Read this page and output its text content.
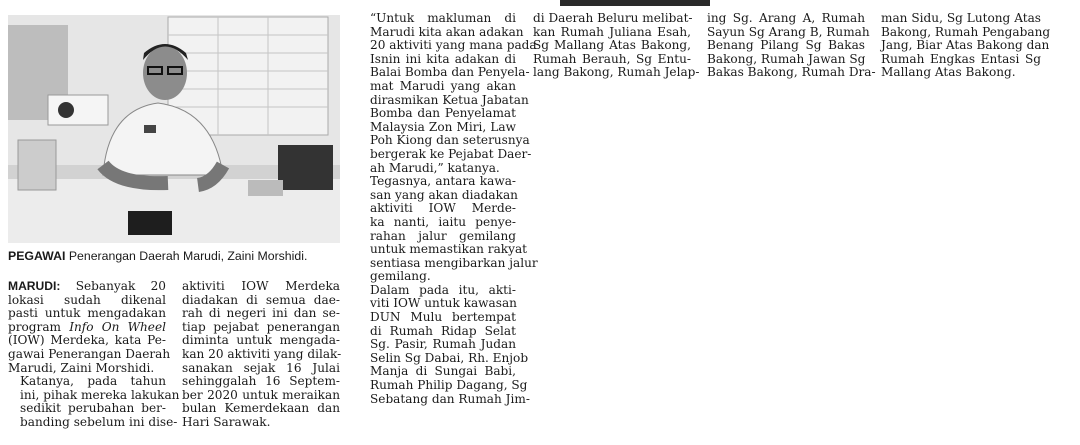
PEGAWAI Penerangan Daerah Marudi, Zaini Morshidi.

MARUDI: Sebanyak 20
lokasi sudah dikenal
pasti untuk mengadakan
program Info On Wheel
(IOW) Merdeka, kata Pe-
gawai Penerangan Daerah
Marudi, Zaini Morshidi.

Katanya, pada tahun
ini, pihak mereka lakukan
sedikit perubahan ber-
banding sebelum ini dise-

aktiviti IOW Merdeka
diadakan di semua dae-
rah di negeri ini dan se-
tiap pejabat penerangan
diminta untuk mengada-
kan 20 aktiviti yang dilak-
sanakan sejak 16 Julai
sehinggalah 16 Septem-
ber 2020 untuk meraikan
bulan Kemerdekaan dan
Hari Sarawak.

“Untuk makluman di
Marudi kita akan adakan
20 aktiviti yang mana pada
Isnin ini kita adakan di
Balai Bomba dan Penyela-
mat Marudi yang akan
dirasmikan Ketua Jabatan
Bomba dan Penyelamat
Malaysia Zon Miri, Law
Poh Kiong dan seterusnya
bergerak ke Pejabat Daer-
ah Marudi,” katanya.

Tegasnya, antara kawa-
san yang akan diadakan
aktiviti IOW Merde-
ka nanti, iaitu penye-
rahan jalur gemilang
untuk memastikan rakyat
sentiasa mengibarkan jalur
gemilang.

Dalam pada itu, akti-
viti IOW untuk kawasan
DUN Mulu bertempat
di Rumah Ridap Selat
Sg. Pasir, Rumah Judan
Selin Sg Dabai, Rh. Enjob
Manja di Sungai Babi,
Rumah Philip Dagang, Sg
Sebatang dan Rumah Jim-

di Daerah Beluru melibat-
kan Rumah Juliana Esah,
Sg Mallang Atas Bakong,
Rumah Berauh, Sg Entu-
lang Bakong, Rumah Jelap-

ing Sg. Arang A, Rumah
Sayun Sg Arang B, Rumah
Benang Pilang Sg Bakas
Bakong, Rumah Jawan Sg
Bakas Bakong, Rumah Dra-

man Sidu, Sg Lutong Atas
Bakong, Rumah Pengabang
Jang, Biar Atas Bakong dan
Rumah Engkas Entasi Sg
Mallang Atas Bakong.
